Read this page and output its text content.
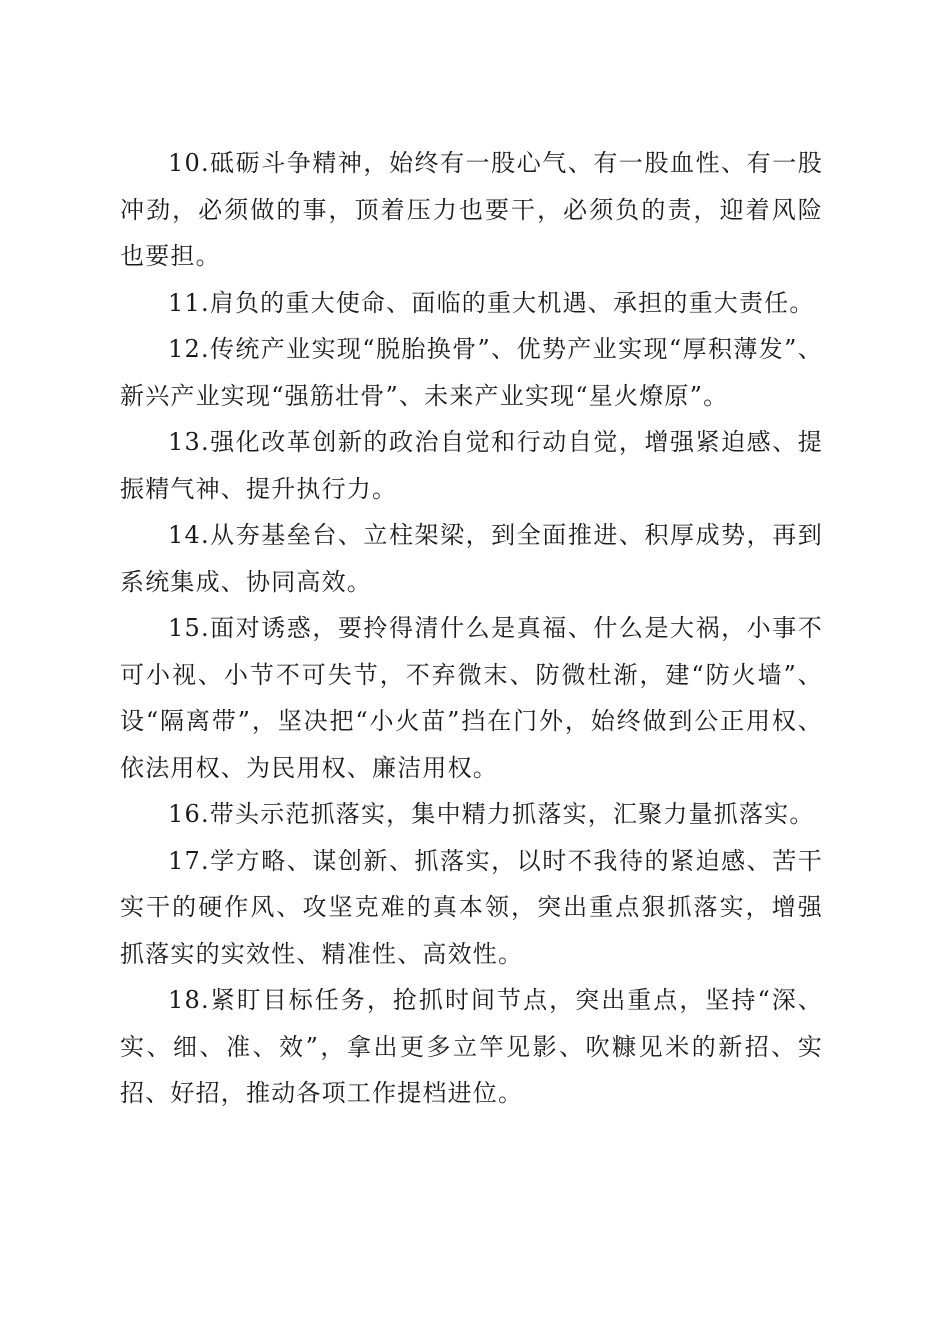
10.砥砺斗争精神，始终有一股心气、有一股血性、有一股冲劲，必须做的事，顶着压力也要干，必须负的责，迎着风险也要担。

11.肩负的重大使命、面临的重大机遇、承担的重大责任。

12.传统产业实现“脱胎换骨”、优势产业实现“厚积薄发”、新兴产业实现“强筋壮骨”、未来产业实现“星火燎原”。

13.强化改革创新的政治自觉和行动自觉，增强紧迫感、提振精气神、提升执行力。

14.从夯基垒台、立柱架梁，到全面推进、积厚成势，再到系统集成、协同高效。

15.面对诱惑，要拎得清什么是真福、什么是大祸，小事不可小视、小节不可失节，不弃微末、防微杜渐，建“防火墙”、设“隔离带”，坚决把“小火苗”挡在门外，始终做到公正用权、依法用权、为民用权、廉洁用权。

16.带头示范抓落实，集中精力抓落实，汇聚力量抓落实。

17.学方略、谋创新、抓落实，以时不我待的紧迫感、苦干实干的硬作风、攻坚克难的真本领，突出重点狠抓落实，增强抓落实的实效性、精准性、高效性。

18.紧盯目标任务，抢抓时间节点，突出重点，坚持“深、实、细、准、效”，拿出更多立竿见影、吹糠见米的新招、实招、好招，推动各项工作提档进位。
